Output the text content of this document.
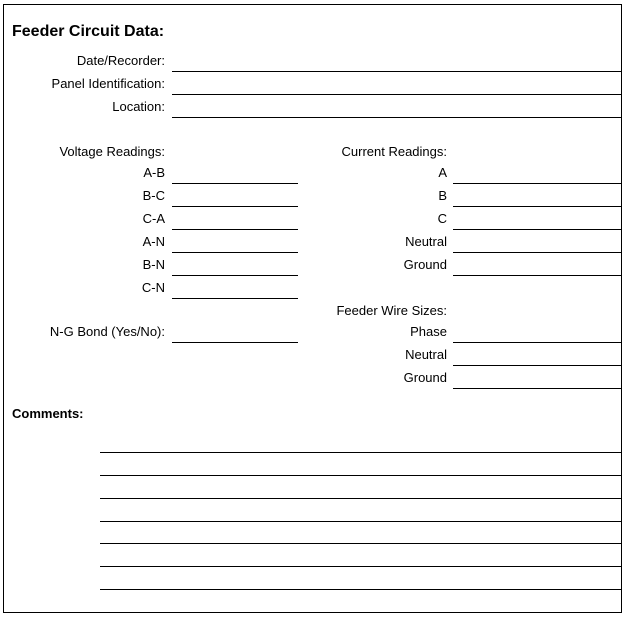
Feeder Circuit Data:
Date/Recorder:
Panel Identification:
Location:
Voltage Readings:
A-B
B-C
C-A
A-N
B-N
C-N
N-G Bond (Yes/No):
Current Readings:
A
B
C
Neutral
Ground
Feeder Wire Sizes:
Phase
Neutral
Ground
Comments:
